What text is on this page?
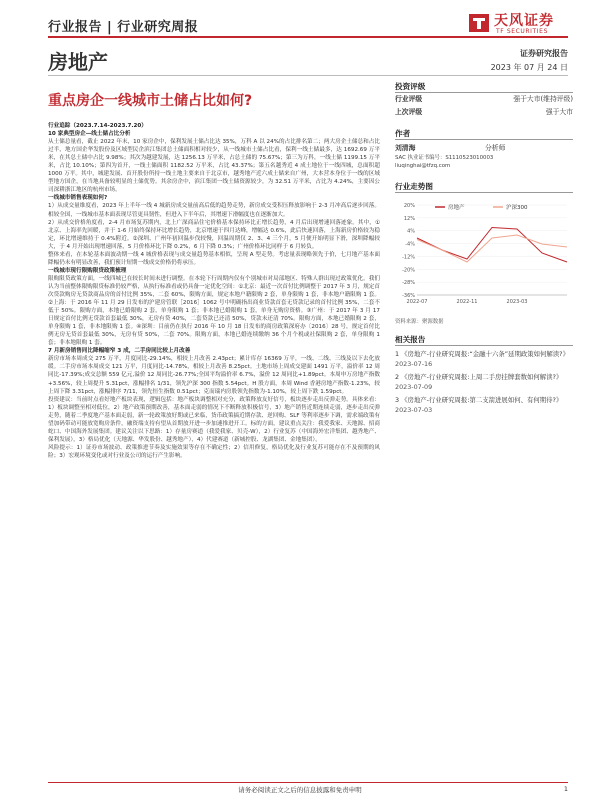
行业报告 | 行业研究周报	天风证券
TF SECURITIES
房地产	证券研究报告
2023 年 07 月 24 日
重点房企一线城市土储占比如何?

行业追踪（2023.7.14-2023.7.20）

10 家典型房企—线土储占比分析

从土储总量看，截止 2022 年末，10 家房企中，保利发展土储占比达 35%，万科 A 以 24%的占比排名第二；两大房企土储总和占比过半，地方国企华发股份及区域型民企滨江集团总土储面积相对较少，从一线城市土储占比看，保利一线土储最多，达 1692.69 万平米，在其总土储中占比 9.98%；其次为越建发展，达 1256.13 万平米，占总土储的 75.67%；第三为万科，一线土储 1199.15 万平米，占比 10.10%；第四为首开，一线土储面积 1182.52 万平米，占比 43.37%；第五名越秀近 4 成土地位于一线四城，总面积超 1000 万平。其中，城建发展、首开股份所持一线土地主要来自于北京市，越秀地产近六成土储来自广州，大本营本身位于一线的区域型地方国企，在当地具备较明显的土储优势。其余房企中，滨江集团一线土储资源较少，为 32.51 万平米，占比为 4.24%，主要因公司深耕浙江地区的杭州市场。

一线城市销售表现如何?

1）从成交量维度看，2023 年上半年一线 4 城新房成交量前高后低的趋势走势，新房成交受积压释放影响于 2-3 月冲高后逐步回落。相较全国，一线城市基本面表现尽管更具韧性，但进入下半年后，其增速下滑幅度也在逐渐加大。

2）从成交价格角度看，2-4 月市场复苏期内，北上广深商品住宅价格基本保持环比正增长趋势，4 月后出现增速回落迹象。其中，①北京、上海率先回暖，并于 1-6 月始终保持环比增长趋势，北京增速于四月达峰，增幅达 0.6%，此后快速回落，上海新房价格较为稳定，环比增速维持于 0.4%附近。②深圳、广州年初回温步伐较慢，回温周期仅 2、3、4 三个月，5 月便开始明显下滑，深圳降幅较大，于 4 月开始出现增速回落，5 月价格环比下降 0.2%，6 月下降 0.3%；广州价格环比同样于 6 月转负。

整体来看，在本轮基本面波动期一线 4 城价格表现与成交量趋势基本相似，呈现 A 型走势。考虑量表现略领先于价，七月地产基本面降幅仍未有明显改善，我们预计短期一线成交价格仍将承压。

一线城市现行限购限贷政策梳理

限购限贷政策方面，一线四城已在较长时间未进行调整。在本轮下行周期内仅有个别城市对局部地区、特殊人群出现过政策优化。我们认为当前整体限购限贷标准仍较严格，从执行标准看或仍具备一定优化空间：①北京：最近一次首付比例调整于 2017 年 3 月，规定首次贷款购房无贷款商品房的首付比例 35%，二套 60%，限购方面，规定本地户籍限购 2 套，单身限购 1 套，非本地户籍限购 1 套。②上海：于 2016 年 11 月 29 日发布的沪建房管联［2016］1062 号中明确指出商业贷款首套无贷款记录的首付比例 35%，二套不低于 50%。限购方面，本地已婚限购 2 套，单身限购 1 套；非本地已婚限购 1 套，单身无购房资格。③广州：于 2017 年 3 月 17 日规定首付比例无贷款首套最低 30%，无房有贷 40%，二套贷款已还清 50%，贷款未还清 70%。限购方面，本地已婚限购 2 套，单身限购 1 套，非本地限购 1 套。④深圳：目前仍在执行 2016 年 10 月 18 日发布的商房政策深府办〔2016〕28 号，规定首付比例无房无贷首套最低 30%，无房有贷 50%，二套 70%。限购方面，本地已婚连续缴纳 36 个月个税或社保限购 2 套，单身限购 1 套；非本地限购 1 套。

7 月新房销售同比降幅缩窄 3 成，二手房同比较上月改善

新房市场本周成交 275 万平，月度同比-29.14%，相较上月改善 2.43pct；累计库存 16369 万平，一线、二线、三线及以下去化放缓。二手房市场本周成交 121 万平，月度同比-14.78%，相较上月改善 8.25pct。土地市场上周成交建面 1491 万平，溢价率 12 周同比-17.39%;成交总额 559 亿元,溢价 12 周同比-26.77%;全国平均溢价率 6.7%，溢价 12 周同比+1.89pct。本周申万房地产指数+3.56%，较上周提升 5.31pct，涨幅排名 1/31，领先沪深 300 指数 5.54pct。H 股方面，本周 Wind 香港房地产指数-1.23%，较上周下降 3.31pct，涨幅排序 7/11，领先恒生指数 0.51pct；克而瑞内房股领先指数为-1.10%，较上周下跌 1.59pct。

投资建议：当前时点看好地产板块表现，逻辑包括：地产板块调整相对充分，政策释放友好信号，板块逐步走出反弹走势。具体来看：1）板块调整至相对低位，2）地产政策预期改善，基本面走弱的情况下不断释放积极信号，3）地产销售近期连续走弱，逐步走出反弹走势，随着二季度地产基本面走弱，新一轮政策放好期或已来临，货币政策搞近期存款、逆回购、SLF 等利率逐步下调，需求端政策有望加码带动可能放宽购房条件，融资端支持有望从首期放开进一步加速推进开工。标的方面，建议重点关注：我爱我家、天地源、招商蛇口、中国海外发展集团。建议关注以下思路：1）存量房赛道（我爱我家、贝壳-W），2）行业复苏（中国海外宏洋集团、越秀地产、保利发展），3）格局优化（天地源、华发股份、越秀地产），4）代建赛道（新城控股、龙湖集团、金地集团）。

风险提示：1）证券市场波动、政策推进节奏及实施效果等存在不确定性；2）信用修复，格局优化及行业复苏可能存在不及预期的风险；3）宏观环境变化或对行业及公司的运行产生影响。

投资评级
行业评级	强于大市(维持评级)
上次评级	强于大市
作者
刘清海	分析师
SAC 执业证书编号：S1110523010003
liuqinghai@tfzq.com
行业走势图
20%
12%
4%
-4%
-12%
-20%
-28%
-36%
2022-07	2022-11	2023-03
房地产	沪深300
资料来源：聚源数据
相关报告
1 《房地产-行业研究周报:“金融十六条”延期政策如何解读?》 2023-07-16
2 《房地产-行业研究周报:上周二手房挂牌套数如何解读?》 2023-07-09
3 《房地产-行业研究周报:第二支箭进展如何、有何期待?》 2023-07-03
请务必阅读正文之后的信息披露和免责申明	1
